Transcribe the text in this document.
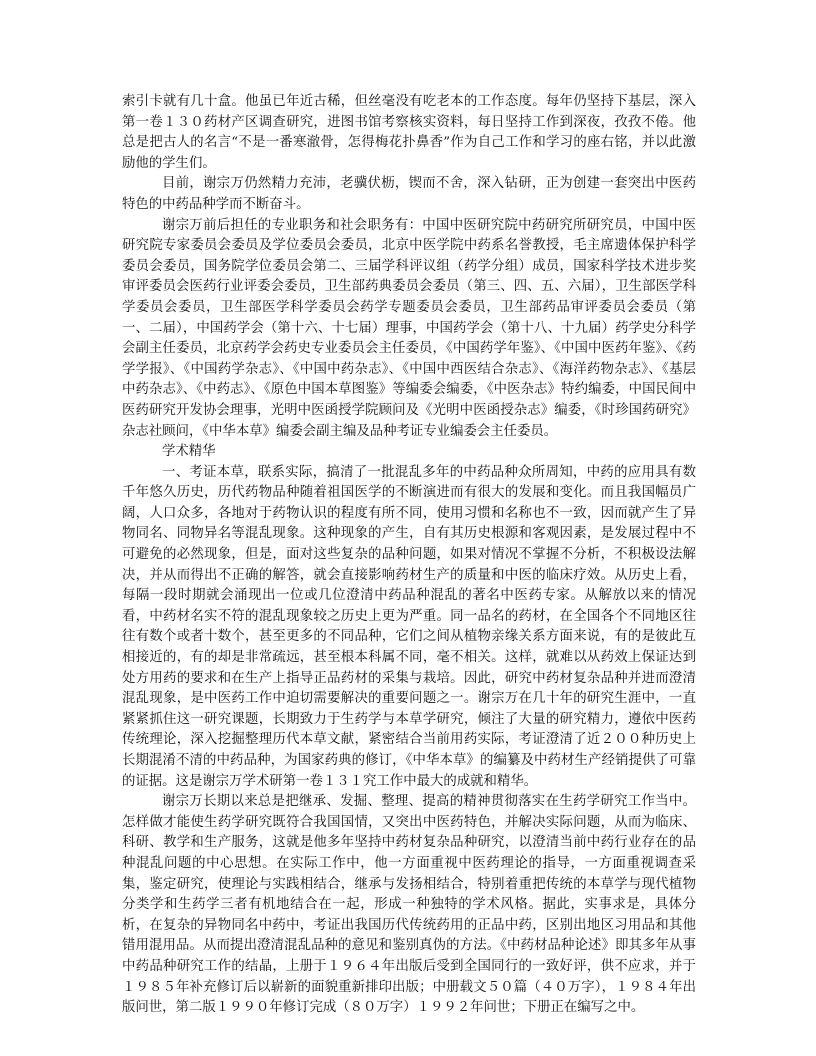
索引卡就有几十盒。他虽已年近古稀，但丝毫没有吃老本的工作态度。每年仍坚持下基层，深入第一卷１３０药材产区调查研究，进图书馆考察核实资料，每日坚持工作到深夜，孜孜不倦。他总是把古人的名言“不是一番寒澈骨，怎得梅花扑鼻香”作为自己工作和学习的座右铭，并以此激励他的学生们。

目前，谢宗万仍然精力充沛，老骥伏枥，锲而不舍，深入钻研，正为创建一套突出中医药特色的中药品种学而不断奋斗。

谢宗万前后担任的专业职务和社会职务有：中国中医研究院中药研究所研究员，中国中医研究院专家委员会委员及学位委员会委员，北京中医学院中药系名誉教授，毛主席遗体保护科学委员会委员，国务院学位委员会第二、三届学科评议组（药学分组）成员，国家科学技术进步奖审评委员会医药行业评委会委员，卫生部药典委员会委员（第三、四、五、六届），卫生部医学科学委员会委员，卫生部医学科学委员会药学专题委员会委员，卫生部药品审评委员会委员（第一、二届），中国药学会（第十六、十七届）理事，中国药学会（第十八、十九届）药学史分科学会副主任委员，北京药学会药史专业委员会主任委员，《中国药学年鉴》、《中国中医药年鉴》、《药学学报》、《中国药学杂志》、《中国中药杂志》、《中国中西医结合杂志》、《海洋药物杂志》、《基层中药杂志》、《中药志》、《原色中国本草图鉴》等编委会编委，《中医杂志》特约编委，中国民间中医药研究开发协会理事，光明中医函授学院顾问及《光明中医函授杂志》编委，《时珍国药研究》杂志社顾问，《中华本草》编委会副主编及品种考证专业编委会主任委员。

学术精华

一、考证本草，联系实际，搞清了一批混乱多年的中药品种众所周知，中药的应用具有数千年悠久历史，历代药物品种随着祖国医学的不断演进而有很大的发展和变化。而且我国幅员广阔，人口众多，各地对于药物认识的程度有所不同，使用习惯和名称也不一致，因而就产生了异物同名、同物异名等混乱现象。这种现象的产生，自有其历史根源和客观因素，是发展过程中不可避免的必然现象，但是，面对这些复杂的品种问题，如果对情况不掌握不分析，不积极设法解决，并从而得出不正确的解答，就会直接影响药材生产的质量和中医的临床疗效。从历史上看，每隔一段时期就会涌现出一位或几位澄清中药品种混乱的著名中医药专家。从解放以来的情况看，中药材名实不符的混乱现象较之历史上更为严重。同一品名的药材，在全国各个不同地区往往有数个或者十数个，甚至更多的不同品种，它们之间从植物亲缘关系方面来说，有的是彼此互相接近的，有的却是非常疏远，甚至根本科属不同，毫不相关。这样，就难以从药效上保证达到处方用药的要求和在生产上指导正品药材的采集与栽培。因此，研究中药材复杂品种并进而澄清混乱现象，是中医药工作中迫切需要解决的重要问题之一。谢宗万在几十年的研究生涯中，一直紧紧抓住这一研究课题，长期致力于生药学与本草学研究，倾注了大量的研究精力，遵依中医药传统理论，深入挖掘整理历代本草文献，紧密结合当前用药实际，考证澄清了近２００种历史上长期混淆不清的中药品种，为国家药典的修订，《中华本草》的编纂及中药材生产经销提供了可靠的证据。这是谢宗万学术研第一卷１３１究工作中最大的成就和精华。

谢宗万长期以来总是把继承、发掘、整理、提高的精神贯彻落实在生药学研究工作当中。怎样做才能使生药学研究既符合我国国情，又突出中医药特色，并解决实际问题，从而为临床、科研、教学和生产服务，这就是他多年坚持中药材复杂品种研究，以澄清当前中药行业存在的品种混乱问题的中心思想。在实际工作中，他一方面重视中医药理论的指导，一方面重视调查采集，鉴定研究，使理论与实践相结合，继承与发扬相结合，特别着重把传统的本草学与现代植物分类学和生药学三者有机地结合在一起，形成一种独特的学术风格。据此，实事求是，具体分析，在复杂的异物同名中药中，考证出我国历代传统药用的正品中药，区别出地区习用品和其他错用混用品。从而提出澄清混乱品种的意见和鉴别真伪的方法。《中药材品种论述》即其多年从事中药品种研究工作的结晶，上册于１９６４年出版后受到全国同行的一致好评，供不应求，并于１９８５年补充修订后以崭新的面貌重新排印出版；中册载文５０篇（４０万字），１９８４年出版问世，第二版１９９０年修订完成（８０万字）１９９２年问世；下册正在编写之中。
